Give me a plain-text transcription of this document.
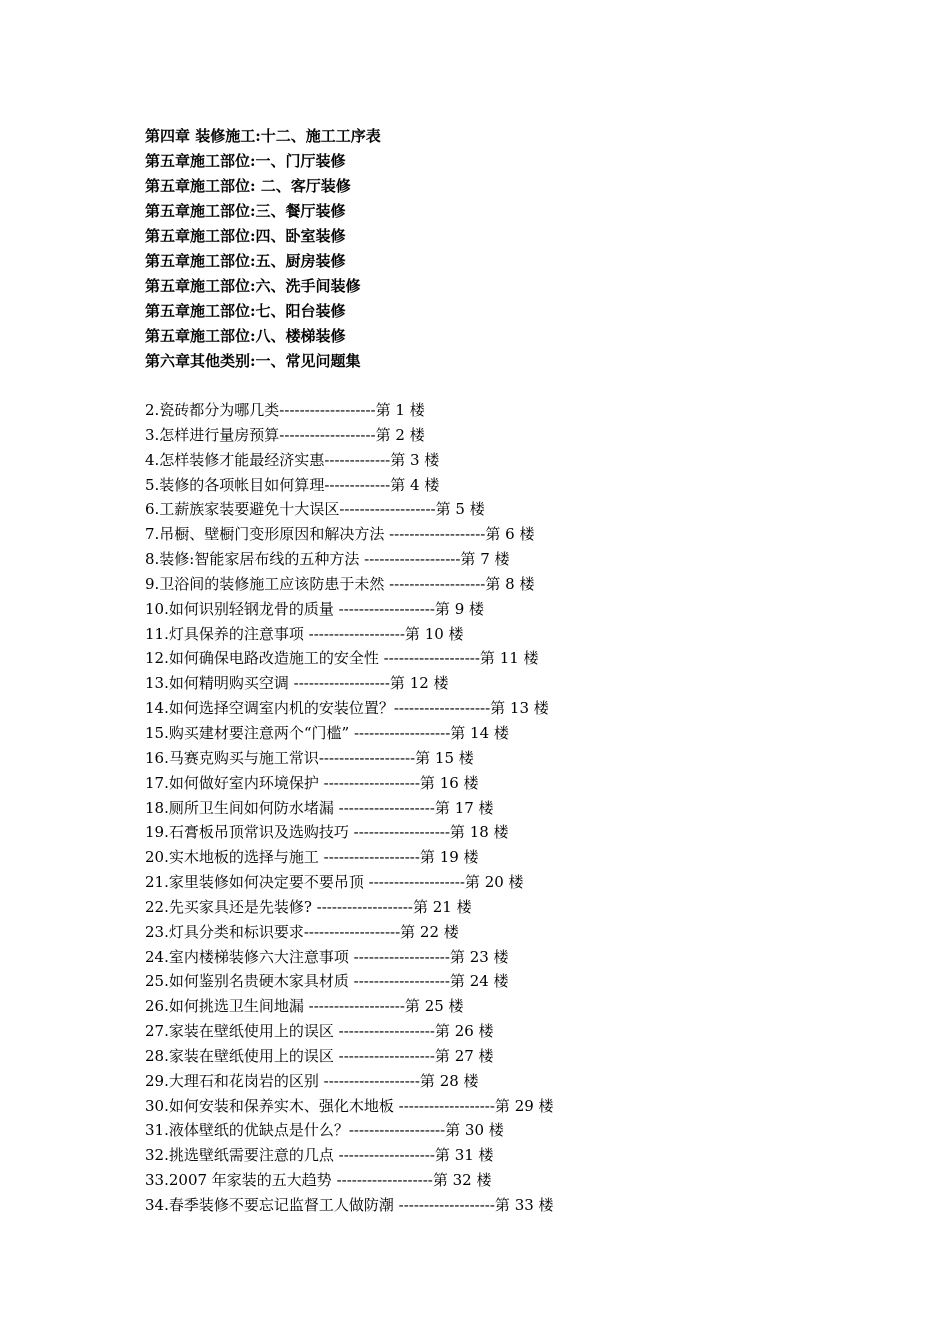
第四章 装修施工:十二、施工工序表
第五章施工部位:一、门厅装修
第五章施工部位: 二、客厅装修
第五章施工部位:三、餐厅装修
第五章施工部位:四、卧室装修
第五章施工部位:五、厨房装修
第五章施工部位:六、洗手间装修
第五章施工部位:七、阳台装修
第五章施工部位:八、楼梯装修
第六章其他类别:一、常见问题集
2.瓷砖都分为哪几类-------------------第 1 楼
3.怎样进行量房预算-------------------第 2 楼
4.怎样装修才能最经济实惠-------------第 3 楼
5.装修的各项帐目如何算理-------------第 4 楼
6.工薪族家装要避免十大误区-------------------第 5 楼
7.吊橱、壁橱门变形原因和解决方法 -------------------第 6 楼
8.装修:智能家居布线的五种方法 -------------------第 7 楼
9.卫浴间的装修施工应该防患于未然 -------------------第 8 楼
10.如何识别轻钢龙骨的质量 -------------------第 9 楼
11.灯具保养的注意事项 -------------------第 10 楼
12.如何确保电路改造施工的安全性 -------------------第 11 楼
13.如何精明购买空调 -------------------第 12 楼
14.如何选择空调室内机的安装位置？-------------------第 13 楼
15.购买建材要注意两个“门槛” -------------------第 14 楼
16.马赛克购买与施工常识-------------------第 15 楼
17.如何做好室内环境保护 -------------------第 16 楼
18.厕所卫生间如何防水堵漏 -------------------第 17 楼
19.石膏板吊顶常识及选购技巧 -------------------第 18 楼
20.实木地板的选择与施工 -------------------第 19 楼
21.家里装修如何决定要不要吊顶 -------------------第 20 楼
22.先买家具还是先装修? -------------------第 21 楼
23.灯具分类和标识要求-------------------第 22 楼
24.室内楼梯装修六大注意事项 -------------------第 23 楼
25.如何鉴别名贵硬木家具材质 -------------------第 24 楼
26.如何挑选卫生间地漏 -------------------第 25 楼
27.家装在壁纸使用上的误区 -------------------第 26 楼
28.家装在壁纸使用上的误区 -------------------第 27 楼
29.大理石和花岗岩的区别 -------------------第 28 楼
30.如何安装和保养实木、强化木地板 -------------------第 29 楼
31.液体壁纸的优缺点是什么？-------------------第 30 楼
32.挑选壁纸需要注意的几点 -------------------第 31 楼
33.2007 年家装的五大趋势 -------------------第 32 楼
34.春季装修不要忘记监督工人做防潮 -------------------第 33 楼
